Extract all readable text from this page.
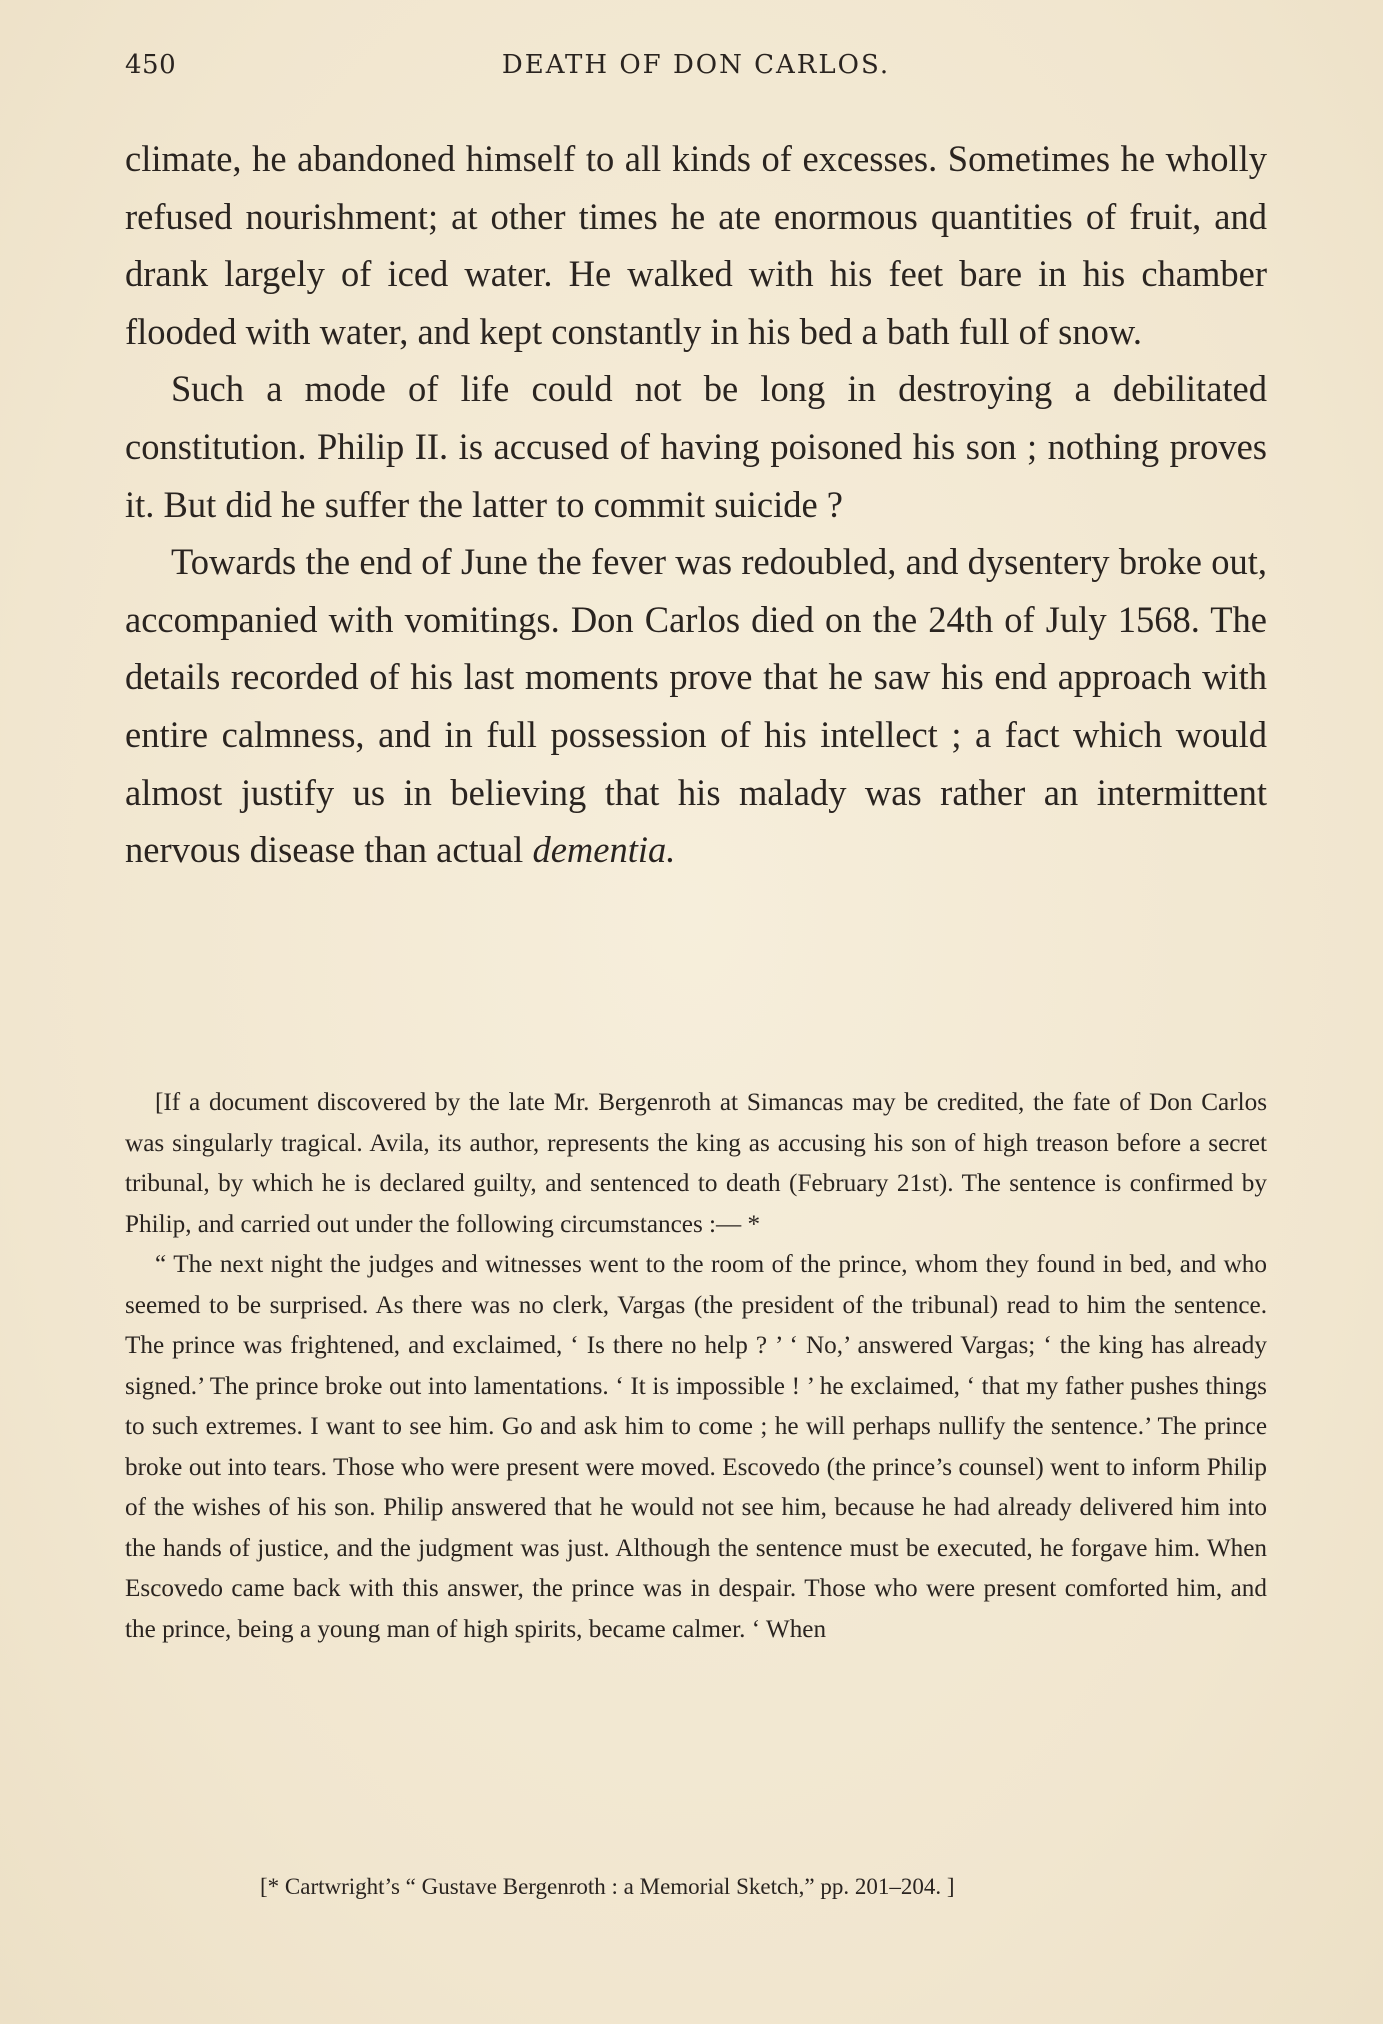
450	DEATH OF DON CARLOS.

climate, he abandoned himself to all kinds of excesses. Sometimes he wholly refused nourishment; at other times he ate enormous quantities of fruit, and drank largely of iced water. He walked with his feet bare in his chamber flooded with water, and kept constantly in his bed a bath full of snow.

Such a mode of life could not be long in destroying a debilitated constitution. Philip II. is accused of having poisoned his son ; nothing proves it. But did he suffer the latter to commit suicide ?

Towards the end of June the fever was redoubled, and dysentery broke out, accompanied with vomitings. Don Carlos died on the 24th of July 1568. The details recorded of his last moments prove that he saw his end approach with entire calmness, and in full possession of his intellect ; a fact which would almost justify us in believing that his malady was rather an intermittent nervous disease than actual dementia.

[If a document discovered by the late Mr. Bergenroth at Simancas may be credited, the fate of Don Carlos was singularly tragical. Avila, its author, represents the king as accusing his son of high treason before a secret tribunal, by which he is declared guilty, and sentenced to death (February 21st). The sentence is confirmed by Philip, and carried out under the following circumstances :— *

“ The next night the judges and witnesses went to the room of the prince, whom they found in bed, and who seemed to be surprised. As there was no clerk, Vargas (the president of the tribunal) read to him the sentence. The prince was frightened, and exclaimed, ‘ Is there no help ? ’ ‘ No,’ answered Vargas; ‘ the king has already signed.’ The prince broke out into lamentations. ‘ It is impossible ! ’ he exclaimed, ‘ that my father pushes things to such extremes. I want to see him. Go and ask him to come ; he will perhaps nullify the sentence.’ The prince broke out into tears. Those who were present were moved. Escovedo (the prince’s counsel) went to inform Philip of the wishes of his son. Philip answered that he would not see him, because he had already delivered him into the hands of justice, and the judgment was just. Although the sentence must be executed, he forgave him. When Escovedo came back with this answer, the prince was in despair. Those who were present comforted him, and the prince, being a young man of high spirits, became calmer. ‘ When

[* Cartwright’s “ Gustave Bergenroth : a Memorial Sketch,” pp. 201–204. ]
